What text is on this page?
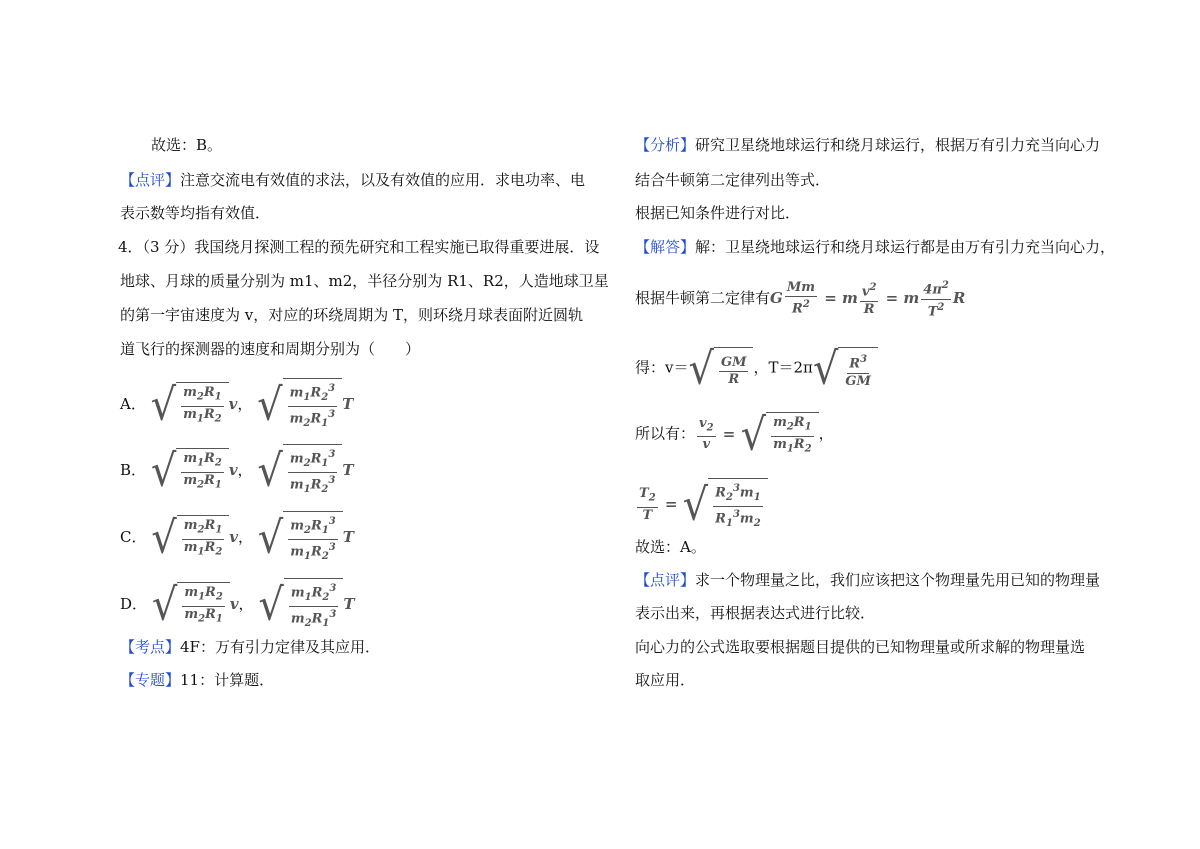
故选：B。
【点评】注意交流电有效值的求法，以及有效值的应用．求电功率、电
表示数等均指有效值．
4．（3 分）我国绕月探测工程的预先研究和工程实施已取得重要进展．设
地球、月球的质量分别为 m1、m2，半径分别为 R1、R2，人造地球卫星
的第一宇宙速度为 v，对应的环绕周期为 T，则环绕月球表面附近圆轨
道飞行的探测器的速度和周期分别为（　　）
A． √ $\frac{m_2R_1}{m_1R_2}$ v， √ $\frac{m_1R_2^3}{m_2R_1^3}$ T
B． √ $\frac{m_1R_2}{m_2R_1}$ v， √ $\frac{m_2R_1^3}{m_1R_2^3}$ T
C． √ $\frac{m_2R_1}{m_1R_2}$ v， √ $\frac{m_2R_1^3}{m_1R_2^3}$ T
D． √ $\frac{m_1R_2}{m_2R_1}$ v， √ $\frac{m_1R_2^3}{m_2R_1^3}$ T
【考点】4F：万有引力定律及其应用．
【专题】11：计算题．
【分析】研究卫星绕地球运行和绕月球运行，根据万有引力充当向心力
结合牛顿第二定律列出等式．
根据已知条件进行对比．
【解答】解：卫星绕地球运行和绕月球运行都是由万有引力充当向心力，
根据牛顿第二定律有G $\frac{Mm}{R^2} = m \frac{v^2}{R} = m \frac{4\pi^2}{T^2}$ R
得：v＝ √ $\frac{GM}{R}$ ，T＝2π √ $\frac{R^3}{GM}$
所以有： $\frac{v_2}{v}$ = √ $\frac{m_2R_1}{m_1R_2}$ ，
$\frac{T_2}{T}$ = √ $\frac{R_2^3m_1}{R_1^3m_2}$
故选：A。
【点评】求一个物理量之比，我们应该把这个物理量先用已知的物理量
表示出来，再根据表达式进行比较．
向心力的公式选取要根据题目提供的已知物理量或所求解的物理量选
取应用．
